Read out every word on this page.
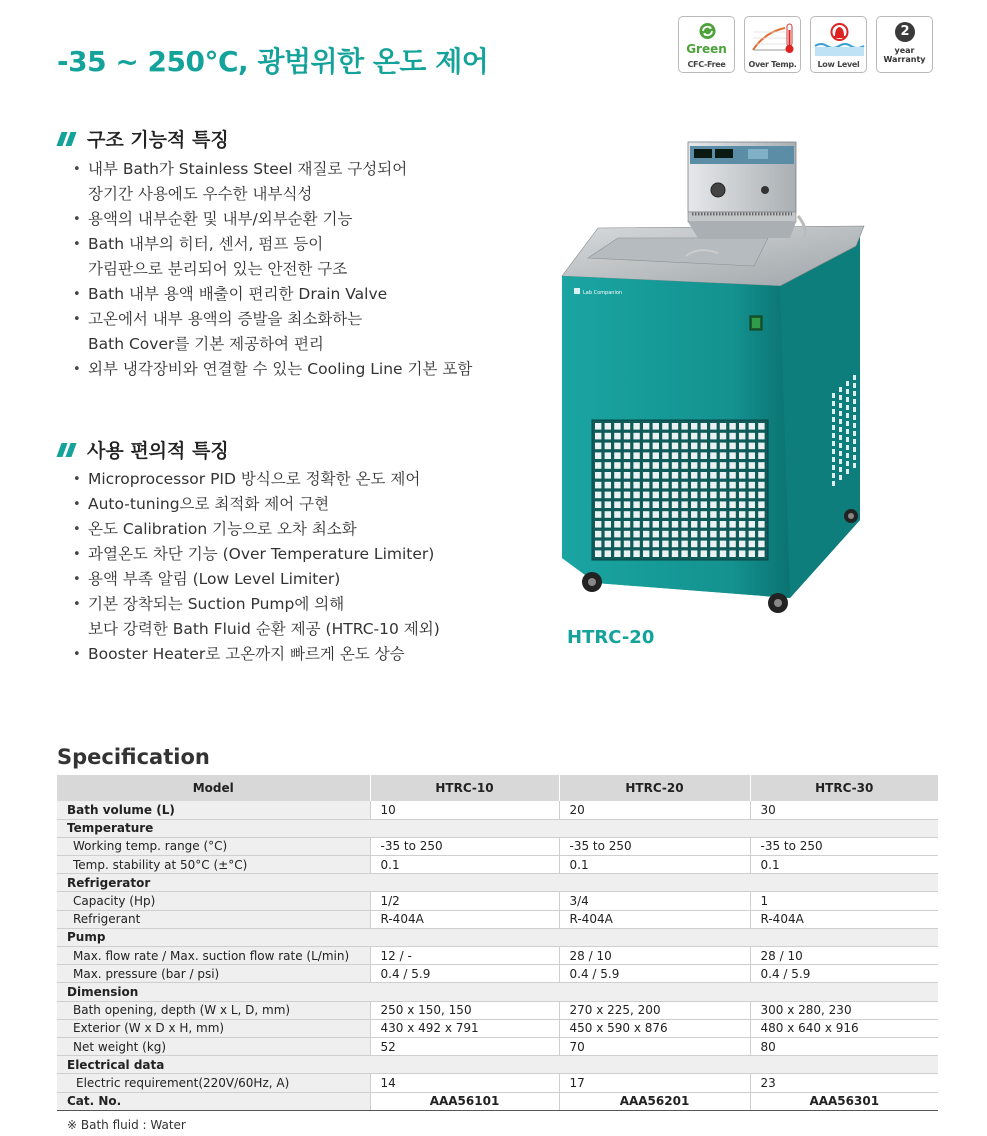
-35 ~ 250°C, 광범위한 온도 제어	Green
CFC-Free	Over Temp.	Low Level
2
year
Warranty
구조 기능적 특징
• 내부 Bath가 Stainless Steel 재질로 구성되어
장기간 사용에도 우수한 내부식성
• 용액의 내부순환 및 내부/외부순환 기능
• Bath 내부의 히터, 센서, 펌프 등이
가림판으로 분리되어 있는 안전한 구조
• Bath 내부 용액 배출이 편리한 Drain Valve
• 고온에서 내부 용액의 증발을 최소화하는
Bath Cover를 기본 제공하여 편리
• 외부 냉각장비와 연결할 수 있는 Cooling Line 기본 포함
사용 편의적 특징
• Microprocessor PID 방식으로 정확한 온도 제어
• Auto-tuning으로 최적화 제어 구현
• 온도 Calibration 기능으로 오차 최소화
• 과열온도 차단 기능 (Over Temperature Limiter)
• 용액 부족 알림 (Low Level Limiter)
• 기본 장착되는 Suction Pump에 의해
보다 강력한 Bath Fluid 순환 제공 (HTRC-10 제외)
• Booster Heater로 고온까지 빠르게 온도 상승
Lab Companion
HTRC-20
Specification
Model	HTRC-10	HTRC-20	HTRC-30
Bath volume (L)	10	20	30
Temperature			
Working temp. range (°C)	-35 to 250	-35 to 250	-35 to 250
Temp. stability at 50°C (±°C)	0.1	0.1	0.1
Refrigerator			
Capacity (Hp)	1/2	3/4	1
Refrigerant	R-404A	R-404A	R-404A
Pump			
Max. flow rate / Max. suction flow rate (L/min)	12 / -	28 / 10	28 / 10
Max. pressure (bar / psi)	0.4 / 5.9	0.4 / 5.9	0.4 / 5.9
Dimension			
Bath opening, depth (W x L, D, mm)	250 x 150, 150	270 x 225, 200	300 x 280, 230
Exterior (W x D x H, mm)	430 x 492 x 791	450 x 590 x 876	480 x 640 x 916
Net weight (kg)	52	70	80
Electrical data			
Electric requirement(220V/60Hz, A)	14	17	23
Cat. No.	AAA56101	AAA56201	AAA56301
※ Bath fluid : Water
